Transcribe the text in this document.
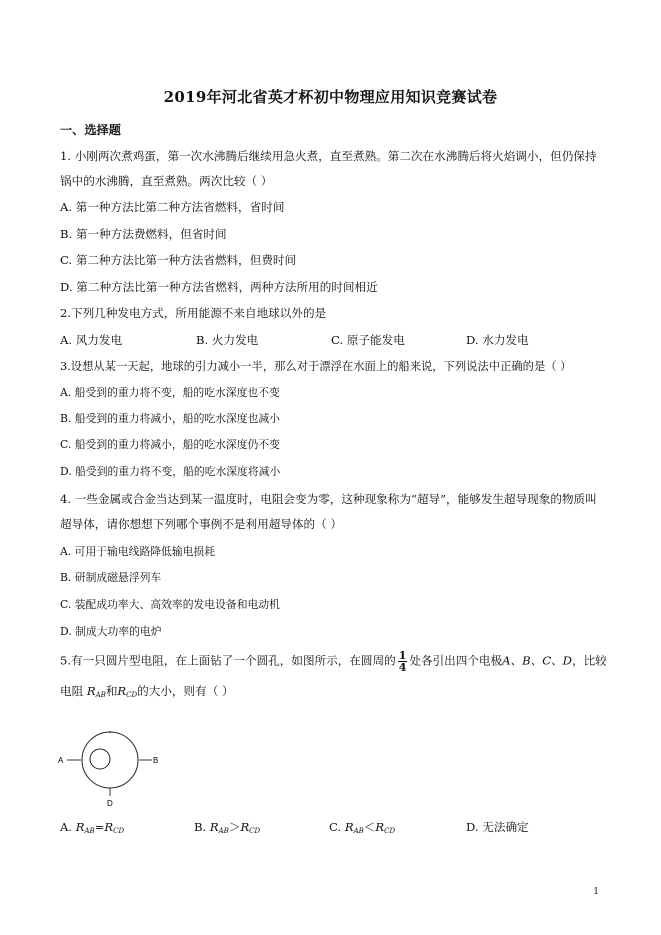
2019年河北省英才杯初中物理应用知识竞赛试卷
一、选择题
1. 小刚两次煮鸡蛋，第一次水沸腾后继续用急火煮，直至煮熟。第二次在水沸腾后将火焰调小，但仍保持
锅中的水沸腾，直至煮熟。两次比较（ ）
A. 第一种方法比第二种方法省燃料，省时间
B. 第一种方法费燃料，但省时间
C. 第二种方法比第一种方法省燃料，但费时间
D. 第二种方法比第一种方法省燃料，两种方法所用的时间相近
2.下列几种发电方式，所用能源不来自地球以外的是
A. 风力发电	B. 火力发电	C. 原子能发电	D. 水力发电
3.设想从某一天起，地球的引力减小一半，那么对于漂浮在水面上的船来说，下列说法中正确的是（ ）
A. 船受到的重力将不变，船的吃水深度也不变
B. 船受到的重力将减小，船的吃水深度也减小
C. 船受到的重力将减小，船的吃水深度仍不变
D. 船受到的重力将不变，船的吃水深度将减小
4. 一些金属或合金当达到某一温度时，电阻会变为零，这种现象称为“超导”，能够发生超导现象的物质叫
超导体，请你想想下列哪个事例不是利用超导体的（ ）
A. 可用于输电线路降低输电损耗
B. 研制成磁悬浮列车
C. 装配成功率大、高效率的发电设备和电动机
D. 制成大功率的电炉
5.有一只圆片型电阻，在上面钻了一个圆孔，如图所示，在圆周的 $\frac{1}{4}$ 处各引出四个电极A、B、C、D，比较
电阻 $R_{AB}$和$R_{CD}$的大小，则有（ ）
A	B
D
A. $R_{AB}=R_{CD}$	B. $R_{AB}>R_{CD}$	C. $R_{AB}<R_{CD}$	D. 无法确定
1
